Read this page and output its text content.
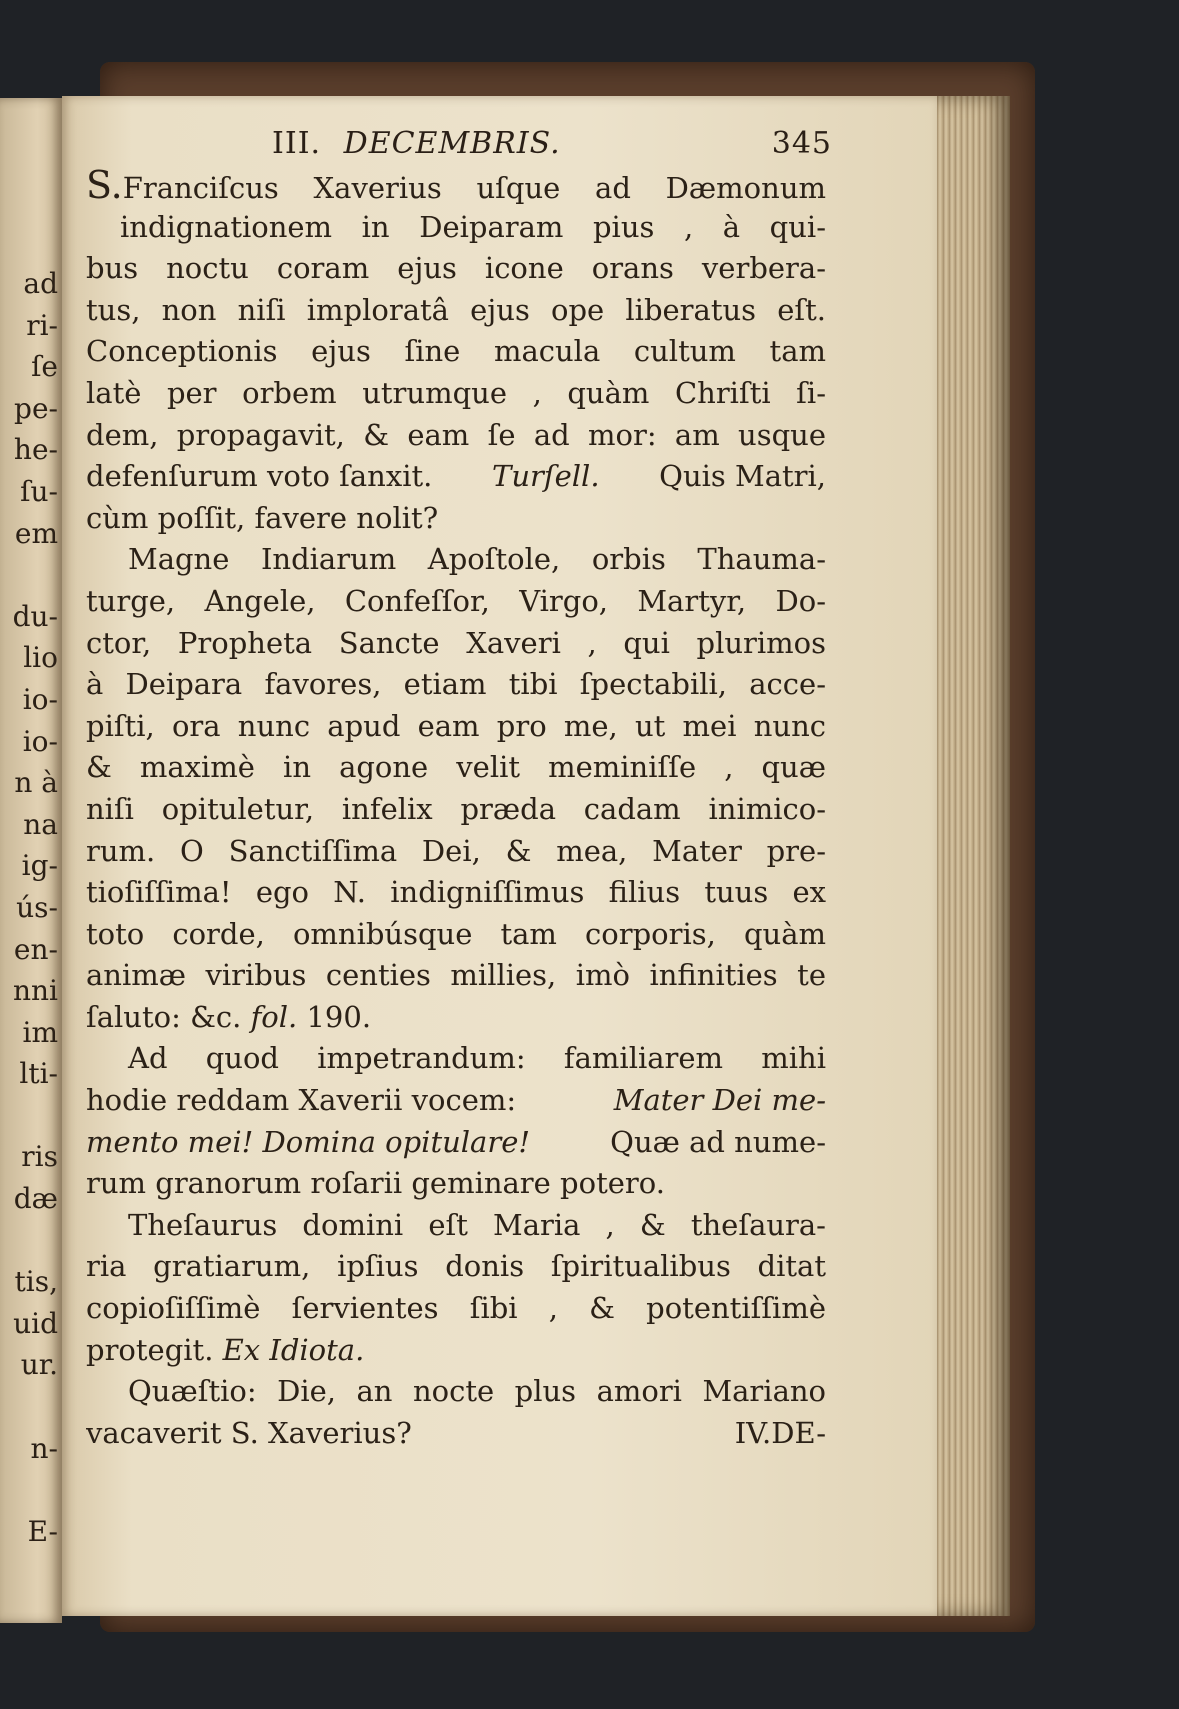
ad
ri-
ſe
pe-
he-
ſu-
em
du-
lio
io-
io-
n à
na
ig-
ús-
en-
nni
im
lti-
ris
dæ
tis,
uid
ur.
n-
E-
III. DECEMBRIS.	345
S.Franciſcus Xaverius uſque ad Dæmonum
indignationem in Deiparam pius , à qui-
bus noctu coram ejus icone orans verbera-
tus, non niſi imploratâ ejus ope liberatus eſt.
Conceptionis ejus ſine macula cultum tam
latè per orbem utrumque , quàm Chriſti ſi-
dem, propagavit, & eam ſe ad mor: am usque
defenſurum voto ſanxit. Turſell. Quis Matri,
cùm poſſit, favere nolit?
Magne Indiarum Apoſtole, orbis Thauma-
turge, Angele, Confeſſor, Virgo, Martyr, Do-
ctor, Propheta Sancte Xaveri , qui plurimos
à Deipara favores, etiam tibi ſpectabili, acce-
piſti, ora nunc apud eam pro me, ut mei nunc
& maximè in agone velit meminiſſe , quæ
niſi opituletur, infelix præda cadam inimico-
rum. O Sanctiſſima Dei, & mea, Mater pre-
tioſiſſima! ego N. indigniſſimus filius tuus ex
toto corde, omnibúsque tam corporis, quàm
animæ viribus centies millies, imò infinities te
ſaluto: &c. fol. 190.
Ad quod impetrandum: familiarem mihi
hodie reddam Xaverii vocem:	Mater Dei me-
mento mei! Domina opitulare!	Quæ ad nume-
rum granorum roſarii geminare potero.
Theſaurus domini eſt Maria , & theſaura-
ria gratiarum, ipſius donis ſpiritualibus ditat
copioſiſſimè ſervientes ſibi , & potentiſſimè
protegit. Ex Idiota.
Quæſtio: Die, an nocte plus amori Mariano
vacaverit S. Xaverius?	IV.DE-
